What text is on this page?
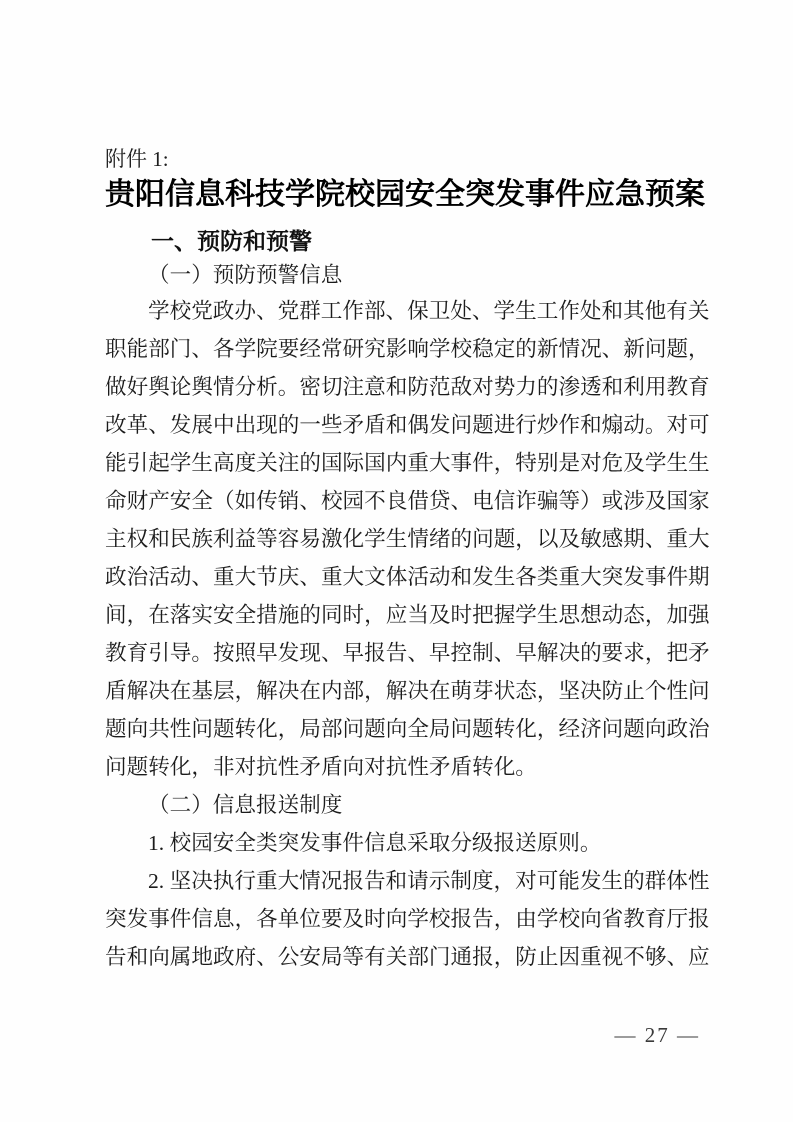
附件 1:
贵阳信息科技学院校园安全突发事件应急预案
一、预防和预警
（一）预防预警信息
学校党政办、党群工作部、保卫处、学生工作处和其他有关
职能部门、各学院要经常研究影响学校稳定的新情况、新问题，
做好舆论舆情分析。密切注意和防范敌对势力的渗透和利用教育
改革、发展中出现的一些矛盾和偶发问题进行炒作和煽动。对可
能引起学生高度关注的国际国内重大事件，特别是对危及学生生
命财产安全（如传销、校园不良借贷、电信诈骗等）或涉及国家
主权和民族利益等容易激化学生情绪的问题，以及敏感期、重大
政治活动、重大节庆、重大文体活动和发生各类重大突发事件期
间，在落实安全措施的同时，应当及时把握学生思想动态，加强
教育引导。按照早发现、早报告、早控制、早解决的要求，把矛
盾解决在基层，解决在内部，解决在萌芽状态，坚决防止个性问
题向共性问题转化，局部问题向全局问题转化，经济问题向政治
问题转化，非对抗性矛盾向对抗性矛盾转化。
（二）信息报送制度
1. 校园安全类突发事件信息采取分级报送原则。
2. 坚决执行重大情况报告和请示制度，对可能发生的群体性
突发事件信息，各单位要及时向学校报告，由学校向省教育厅报
告和向属地政府、公安局等有关部门通报，防止因重视不够、应
— 27 —
